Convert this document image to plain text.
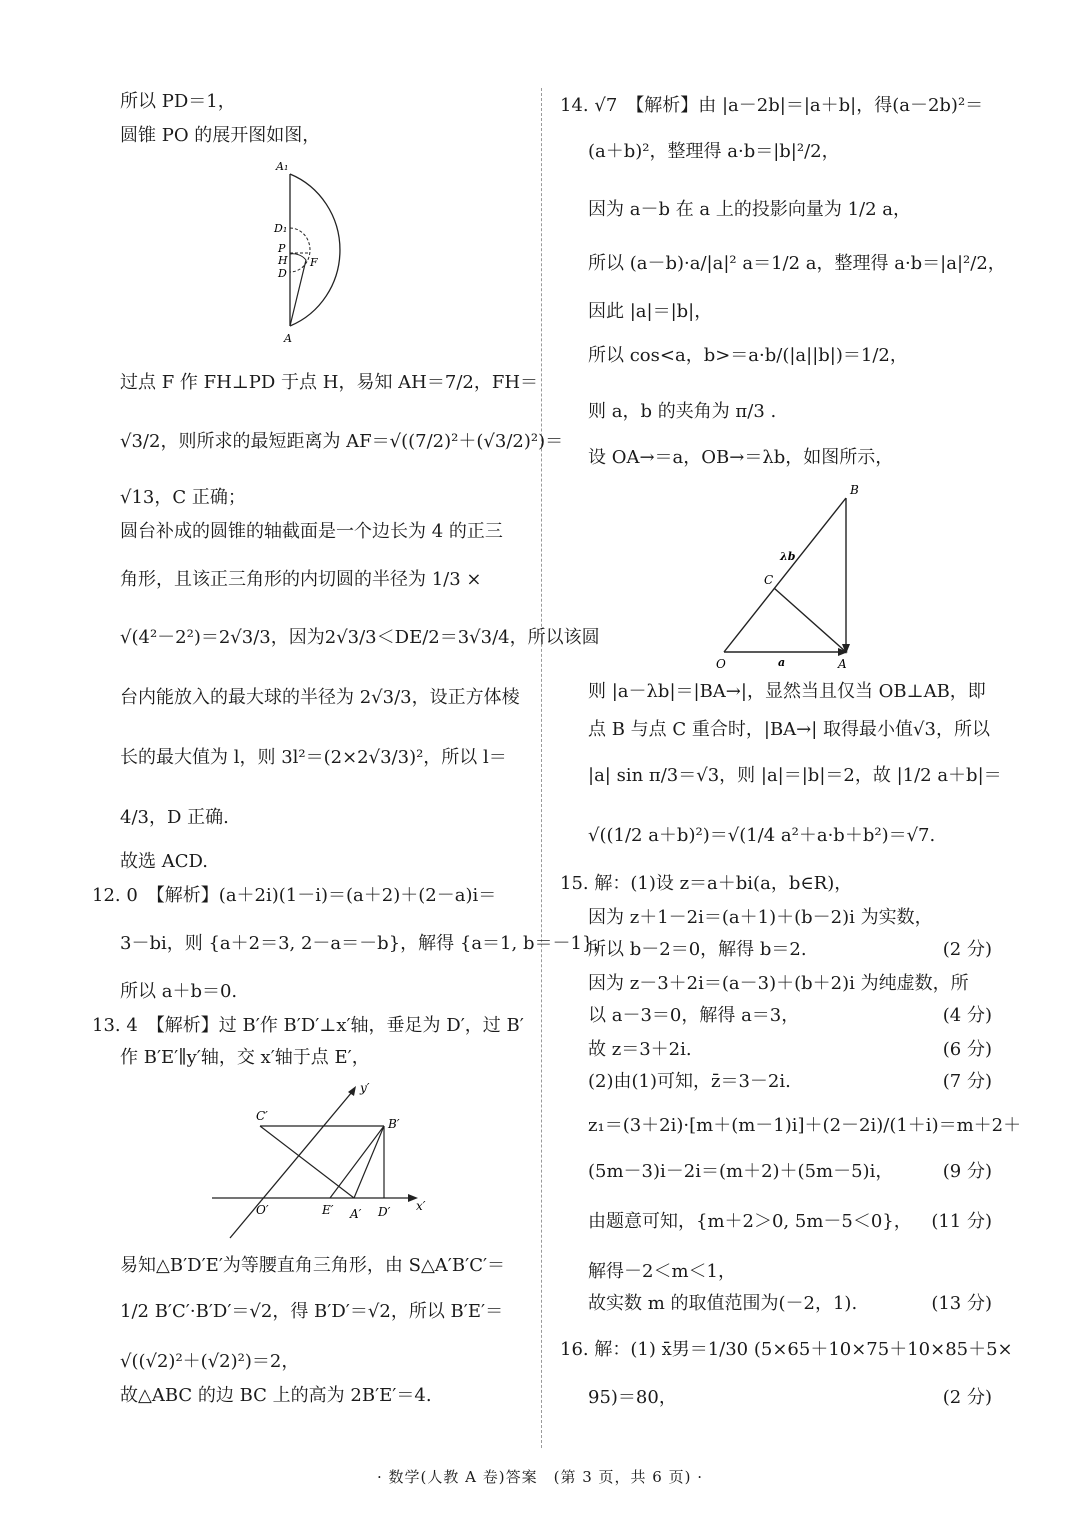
所以 PD＝1，
圆锥 PO 的展开图如图，
A₁
D₁
P
H
D
F
A
过点 F 作 FH⊥PD 于点 H，易知 AH＝7/2，FH＝
√3/2，则所求的最短距离为 AF＝√((7/2)²＋(√3/2)²)＝
√13，C 正确；
圆台补成的圆锥的轴截面是一个边长为 4 的正三
角形，且该正三角形的内切圆的半径为 1/3 ×
√(4²－2²)＝2√3/3，因为2√3/3＜DE/2＝3√3/4，所以该圆
台内能放入的最大球的半径为 2√3/3，设正方体棱
长的最大值为 l，则 3l²＝(2×2√3/3)²，所以 l＝
4/3，D 正确.
故选 ACD.
12. 0　【解析】(a＋2i)(1－i)＝(a＋2)＋(2－a)i＝
3－bi，则 {a＋2＝3, 2－a＝－b}，解得 {a＝1, b＝－1}，
所以 a＋b＝0.
13. 4　【解析】过 B′作 B′D′⊥x′轴，垂足为 D′，过 B′
作 B′E′∥y′轴，交 x′轴于点 E′，
C′
B′
O′	E′ A′ D′ x′
y′
易知△B′D′E′为等腰直角三角形，由 S△A′B′C′＝
1/2 B′C′·B′D′＝√2，得 B′D′＝√2，所以 B′E′＝
√((√2)²＋(√2)²)＝2，
故△ABC 的边 BC 上的高为 2B′E′＝4.
14. √7　【解析】由 |a－2b|＝|a＋b|，得(a－2b)²＝
(a＋b)²，整理得 a·b＝|b|²/2，
因为 a－b 在 a 上的投影向量为 1/2 a，
所以 (a－b)·a/|a|² a＝1/2 a，整理得 a·b＝|a|²/2，
因此 |a|＝|b|，
所以 cos<a，b>＝a·b/(|a||b|)＝1/2，
则 a，b 的夹角为 π/3 .
设 OA→＝a，OB→＝λb，如图所示，
B
C
O	A
λb
a
则 |a－λb|＝|BA→|，显然当且仅当 OB⊥AB，即
点 B 与点 C 重合时，|BA→| 取得最小值√3，所以
|a| sin π/3＝√3，则 |a|＝|b|＝2，故 |1/2 a＋b|＝
√((1/2 a＋b)²)＝√(1/4 a²＋a·b＋b²)＝√7.
15. 解：(1)设 z＝a＋bi(a，b∈R)，
因为 z＋1－2i＝(a＋1)＋(b－2)i 为实数，
所以 b－2＝0，解得 b＝2.	(2 分)
因为 z－3＋2i＝(a－3)＋(b＋2)i 为纯虚数，所
以 a－3＝0，解得 a＝3，	(4 分)
故 z＝3＋2i.	(6 分)
(2)由(1)可知，z̄＝3－2i.	(7 分)
z₁＝(3＋2i)·[m＋(m－1)i]＋(2－2i)/(1＋i)＝m＋2＋
(5m－3)i－2i＝(m＋2)＋(5m－5)i，	(9 分)
由题意可知，{m＋2＞0, 5m－5＜0}， (11 分)
解得－2＜m＜1，
故实数 m 的取值范围为(－2，1).	(13 分)
16. 解：(1) x̄男＝1/30 (5×65＋10×75＋10×85＋5×
95)＝80，	(2 分)
· 数学(人教 A 卷)答案　(第 3 页，共 6 页) ·
